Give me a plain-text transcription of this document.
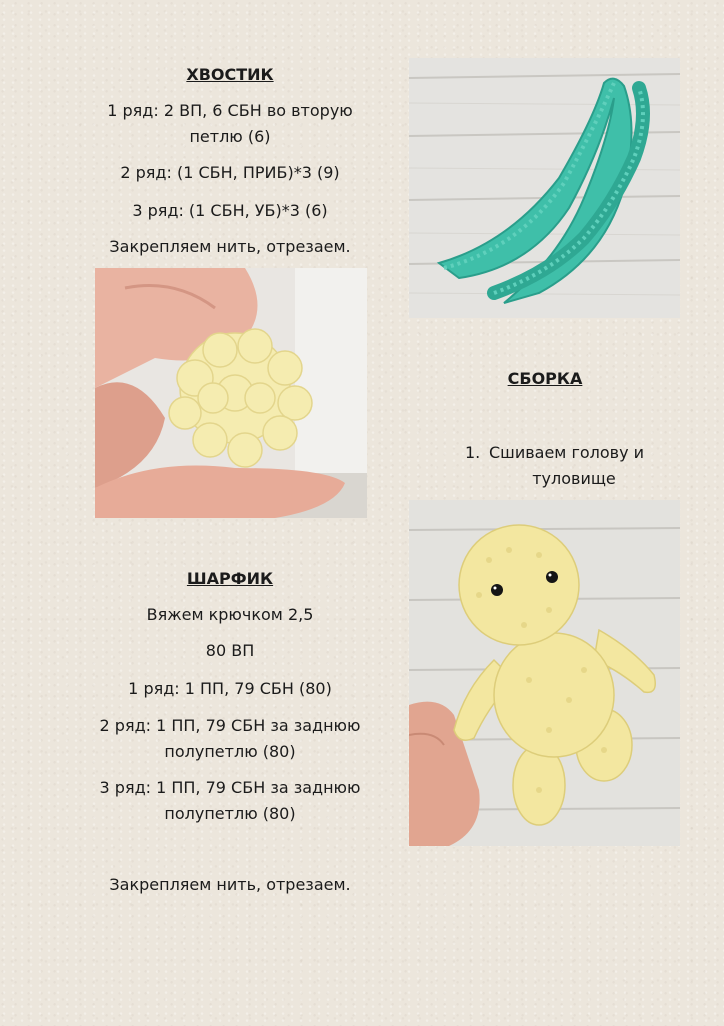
ХВОСТИК
1 ряд: 2 ВП, 6 СБН во вторую
петлю (6)
2 ряд: (1 СБН, ПРИБ)*3 (9)
3 ряд: (1 СБН, УБ)*3 (6)
Закрепляем нить, отрезаем.
ШАРФИК
Вяжем крючком 2,5
80 ВП
1 ряд: 1 ПП, 79 СБН (80)
2 ряд: 1 ПП, 79 СБН за заднюю
полупетлю (80)
3 ряд: 1 ПП, 79 СБН за заднюю
полупетлю (80)
Закрепляем нить, отрезаем.
СБОРКА
1. Сшиваем голову и
туловище
